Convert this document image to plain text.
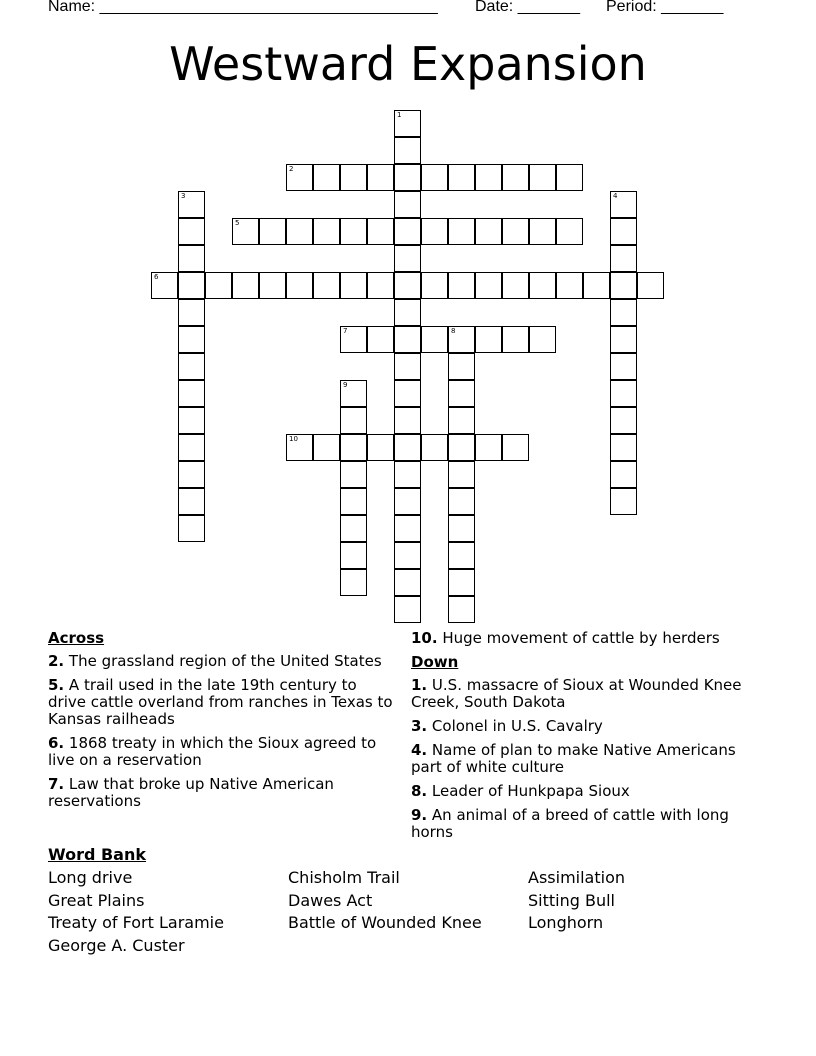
Name: ______________________________________

Date: _______

Period: _______

Westward Expansion
1
2
3	4
5
6
7	8
9
10
Across
2. The grassland region of the United States
5. A trail used in the late 19th century to drive cattle overland from ranches in Texas to Kansas railheads
6. 1868 treaty in which the Sioux agreed to live on a reservation
7. Law that broke up Native American reservations
10. Huge movement of cattle by herders
Down
1. U.S. massacre of Sioux at Wounded Knee Creek, South Dakota
3. Colonel in U.S. Cavalry
4. Name of plan to make Native Americans part of white culture
8. Leader of Hunkpapa Sioux
9. An animal of a breed of cattle with long horns
Word Bank
Long drive	Chisholm Trail	Assimilation
Great Plains	Dawes Act	Sitting Bull
Treaty of Fort Laramie	Battle of Wounded Knee	Longhorn
George A. Custer
